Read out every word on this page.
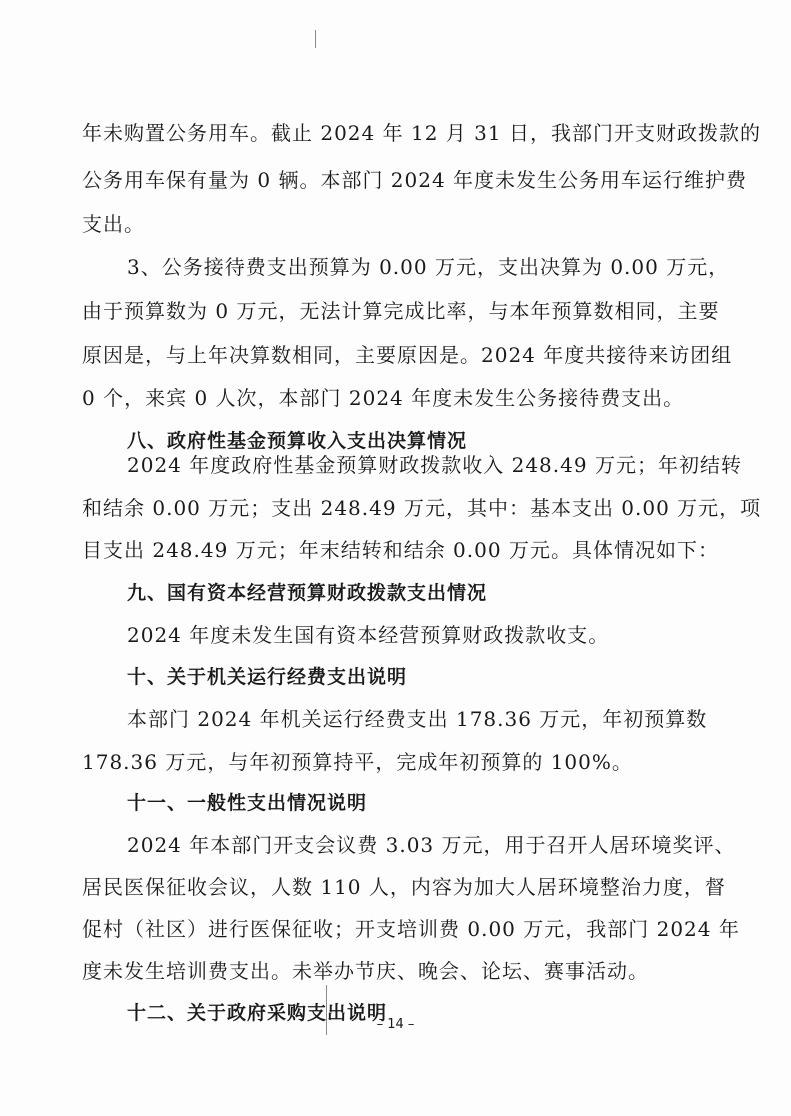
年未购置公务用车。截止 2024 年 12 月 31 日，我部门开支财政拨款的
公务用车保有量为 0 辆。本部门 2024 年度未发生公务用车运行维护费
支出。
3、公务接待费支出预算为 0.00 万元，支出决算为 0.00 万元，
由于预算数为 0 万元，无法计算完成比率，与本年预算数相同，主要
原因是，与上年决算数相同，主要原因是。2024 年度共接待来访团组
0 个，来宾 0 人次，本部门 2024 年度未发生公务接待费支出。
八、政府性基金预算收入支出决算情况
2024 年度政府性基金预算财政拨款收入 248.49 万元；年初结转
和结余 0.00 万元；支出 248.49 万元，其中：基本支出 0.00 万元，项
目支出 248.49 万元；年末结转和结余 0.00 万元。具体情况如下：
九、国有资本经营预算财政拨款支出情况
2024 年度未发生国有资本经营预算财政拨款收支。
十、关于机关运行经费支出说明
本部门 2024 年机关运行经费支出 178.36 万元，年初预算数
178.36 万元，与年初预算持平，完成年初预算的 100%。
十一、一般性支出情况说明
2024 年本部门开支会议费 3.03 万元，用于召开人居环境奖评、
居民医保征收会议，人数 110 人，内容为加大人居环境整治力度，督
促村（社区）进行医保征收；开支培训费 0.00 万元，我部门 2024 年
度未发生培训费支出。未举办节庆、晚会、论坛、赛事活动。
十二、关于政府采购支出说明
– 14 –
